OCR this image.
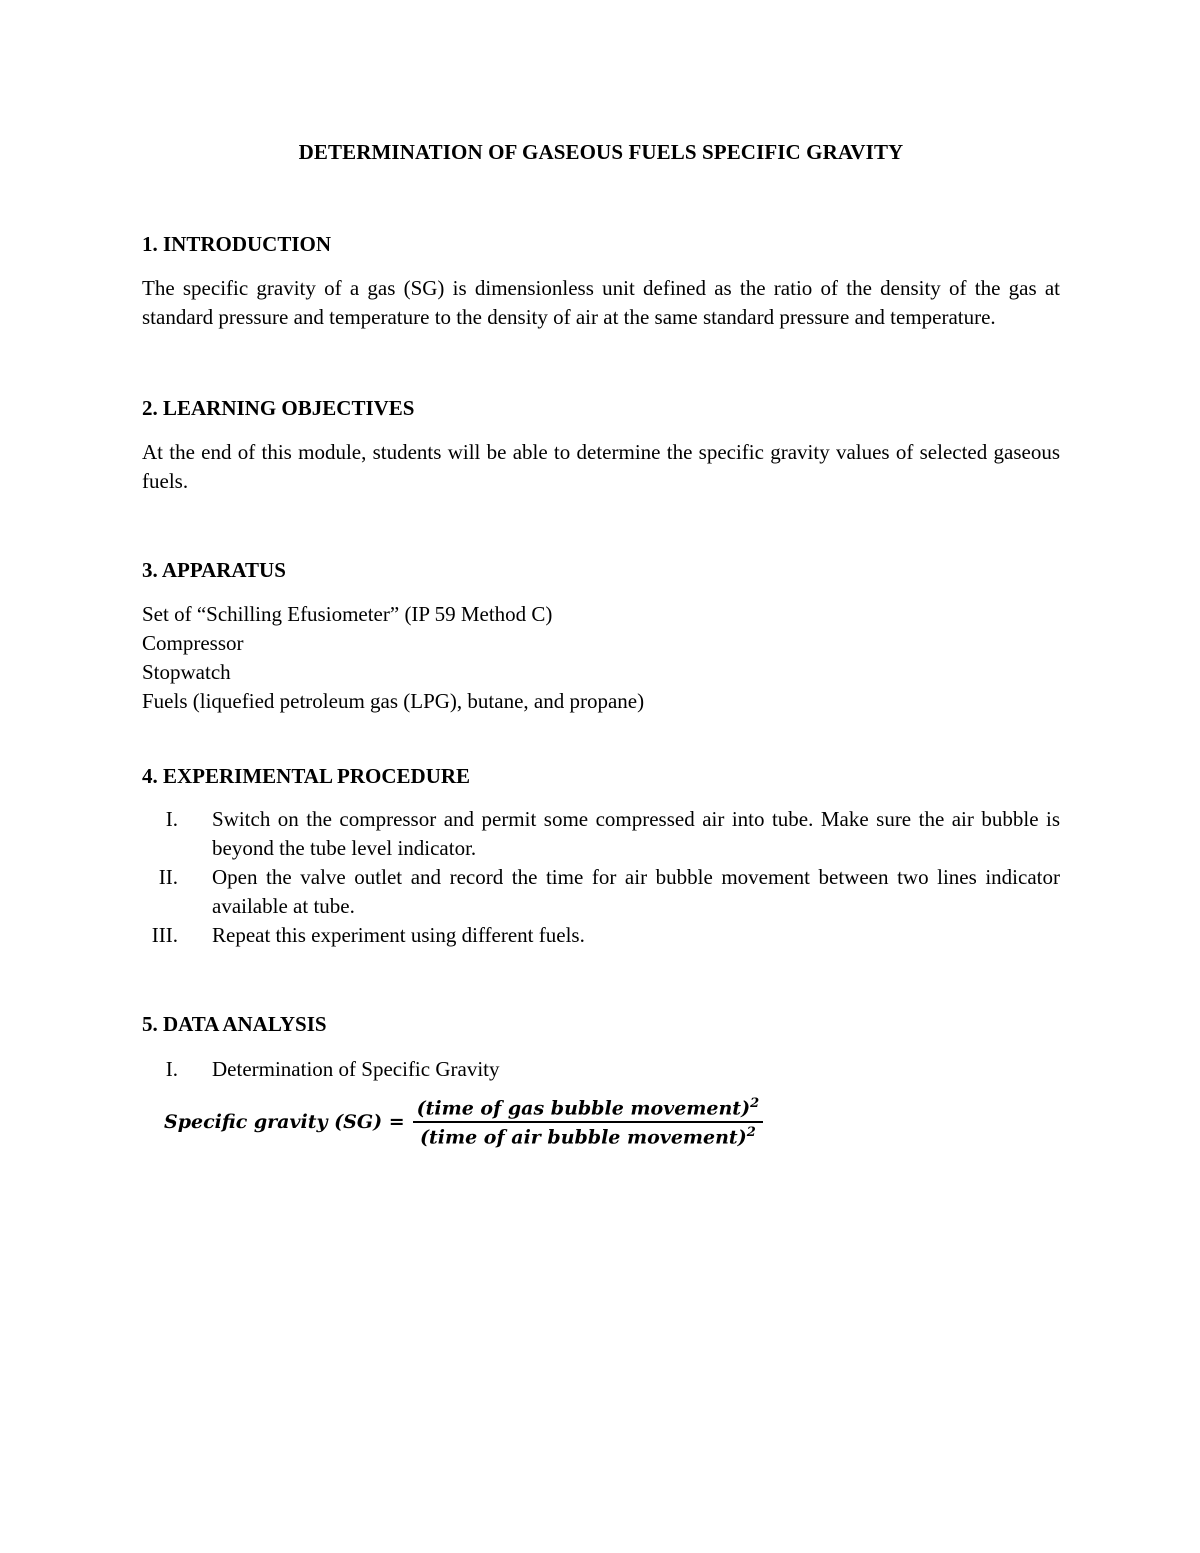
DETERMINATION OF GASEOUS FUELS SPECIFIC GRAVITY
1. INTRODUCTION
The specific gravity of a gas (SG) is dimensionless unit defined as the ratio of the density of the gas at standard pressure and temperature to the density of air at the same standard pressure and temperature.
2. LEARNING OBJECTIVES
At the end of this module, students will be able to determine the specific gravity values of selected gaseous fuels.
3. APPARATUS
Set of “Schilling Efusiometer” (IP 59 Method C)
Compressor
Stopwatch
Fuels (liquefied petroleum gas (LPG), butane, and propane)
4. EXPERIMENTAL PROCEDURE
I. Switch on the compressor and permit some compressed air into tube. Make sure the air bubble is beyond the tube level indicator.
II. Open the valve outlet and record the time for air bubble movement between two lines indicator available at tube.
III. Repeat this experiment using different fuels.
5. DATA ANALYSIS
I. Determination of Specific Gravity
Specific gravity $(SG) = \frac{(time of gas bubble movement)^2}{(time of air bubble movement)^2}$
